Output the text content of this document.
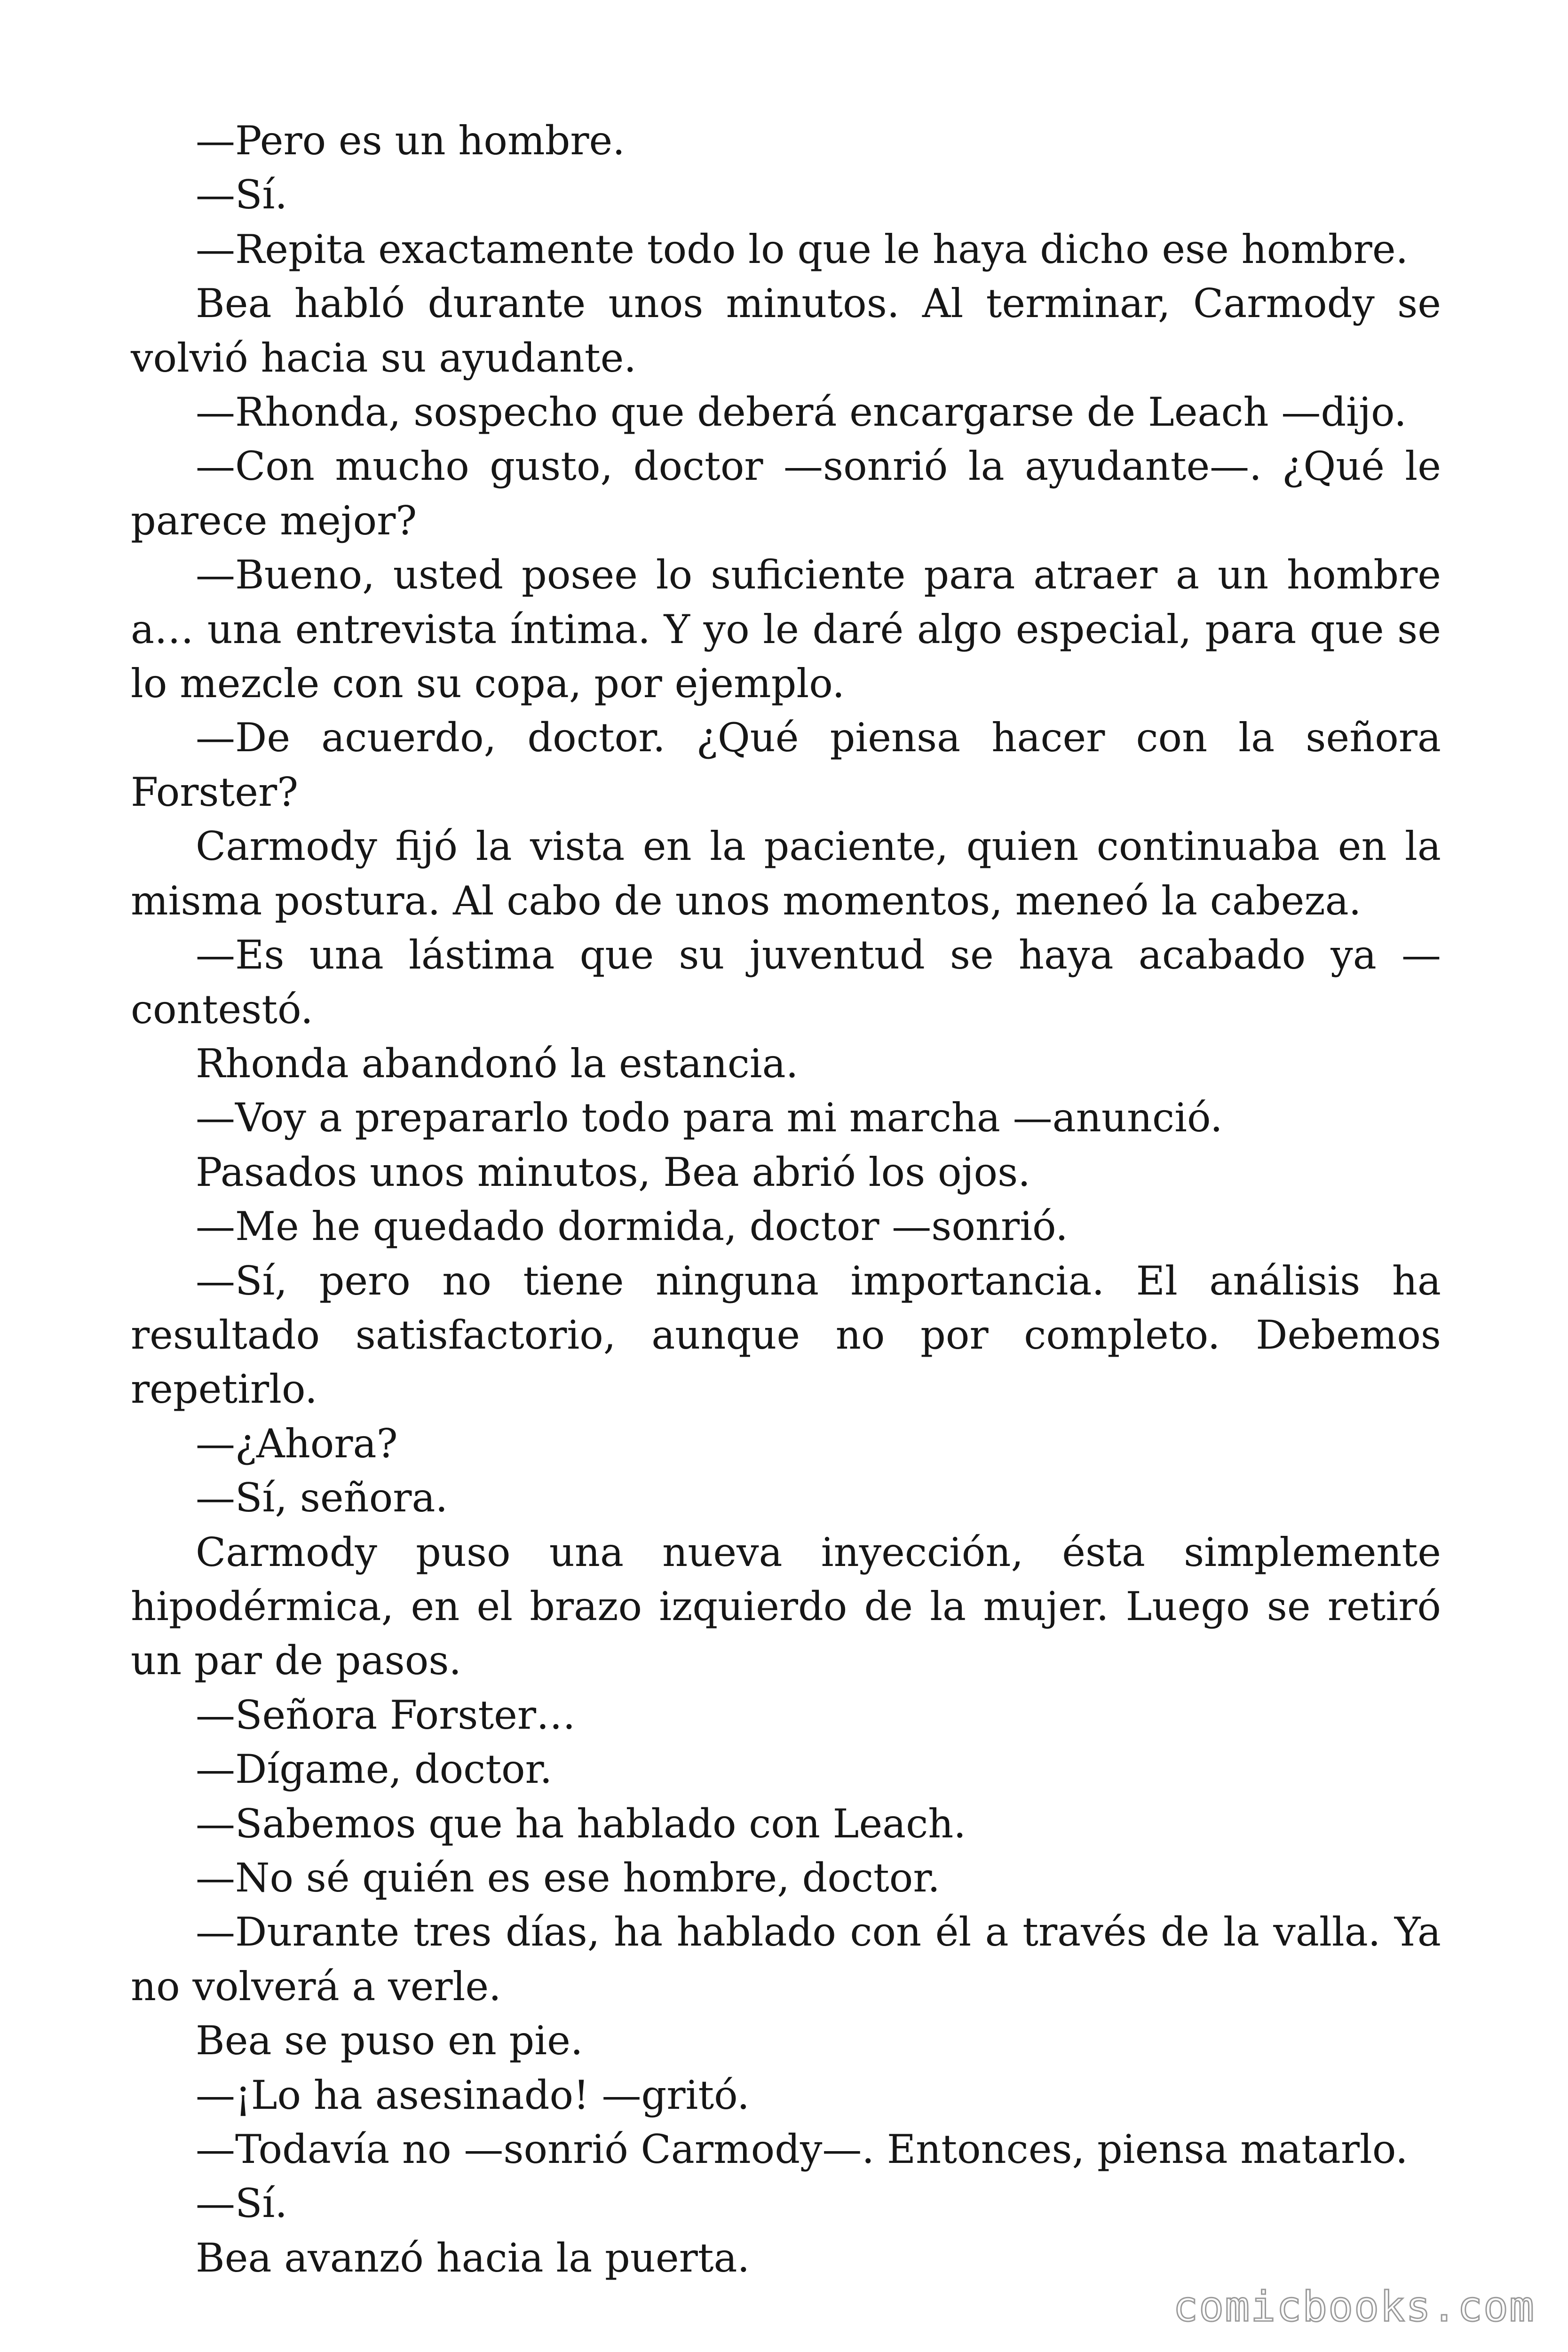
—Pero es un hombre.

—Sí.

—Repita exactamente todo lo que le haya dicho ese hombre.

Bea habló durante unos minutos. Al terminar, Carmody se volvió hacia su ayudante.

—Rhonda, sospecho que deberá encargarse de Leach —dijo.

—Con mucho gusto, doctor —sonrió la ayudante—. ¿Qué le parece mejor?

—Bueno, usted posee lo suficiente para atraer a un hombre a… una entrevista íntima. Y yo le daré algo especial, para que se lo mezcle con su copa, por ejemplo.

—De acuerdo, doctor. ¿Qué piensa hacer con la señora Forster?

Carmody fijó la vista en la paciente, quien continuaba en la misma postura. Al cabo de unos momentos, meneó la cabeza.

—Es una lástima que su juventud se haya acabado ya —contestó.

Rhonda abandonó la estancia.

—Voy a prepararlo todo para mi marcha —anunció.

Pasados unos minutos, Bea abrió los ojos.

—Me he quedado dormida, doctor —sonrió.

—Sí, pero no tiene ninguna importancia. El análisis ha resultado satisfactorio, aunque no por completo. Debemos repetirlo.

—¿Ahora?

—Sí, señora.

Carmody puso una nueva inyección, ésta simplemente hipodérmica, en el brazo izquierdo de la mujer. Luego se retiró un par de pasos.

—Señora Forster…

—Dígame, doctor.

—Sabemos que ha hablado con Leach.

—No sé quién es ese hombre, doctor.

—Durante tres días, ha hablado con él a través de la valla. Ya no volverá a verle.

Bea se puso en pie.

—¡Lo ha asesinado! —gritó.

—Todavía no —sonrió Carmody—. Entonces, piensa matarlo.

—Sí.

Bea avanzó hacia la puerta.

comicbooks.com
